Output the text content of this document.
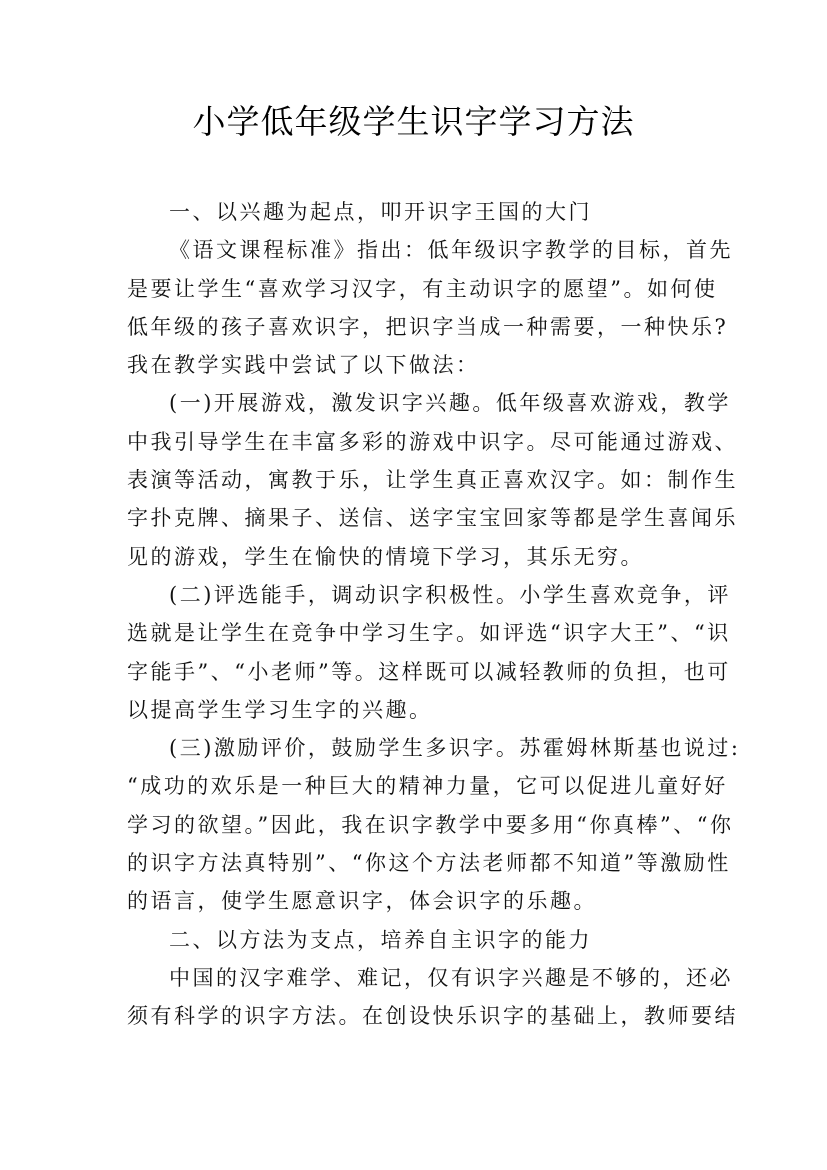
小学低年级学生识字学习方法
一、以兴趣为起点，叩开识字王国的大门
《语文课程标准》指出：低年级识字教学的目标，首先
是要让学生“喜欢学习汉字，有主动识字的愿望”。如何使
低年级的孩子喜欢识字，把识字当成一种需要，一种快乐?
我在教学实践中尝试了以下做法：
(一)开展游戏，激发识字兴趣。低年级喜欢游戏，教学
中我引导学生在丰富多彩的游戏中识字。尽可能通过游戏、
表演等活动，寓教于乐，让学生真正喜欢汉字。如：制作生
字扑克牌、摘果子、送信、送字宝宝回家等都是学生喜闻乐
见的游戏，学生在愉快的情境下学习，其乐无穷。
(二)评选能手，调动识字积极性。小学生喜欢竞争，评
选就是让学生在竞争中学习生字。如评选“识字大王”、“识
字能手”、“小老师”等。这样既可以减轻教师的负担，也可
以提高学生学习生字的兴趣。
(三)激励评价，鼓励学生多识字。苏霍姆林斯基也说过:
“成功的欢乐是一种巨大的精神力量，它可以促进儿童好好
学习的欲望。”因此，我在识字教学中要多用“你真棒”、“你
的识字方法真特别”、“你这个方法老师都不知道”等激励性
的语言，使学生愿意识字，体会识字的乐趣。
二、以方法为支点，培养自主识字的能力
中国的汉字难学、难记，仅有识字兴趣是不够的，还必
须有科学的识字方法。在创设快乐识字的基础上，教师要结
